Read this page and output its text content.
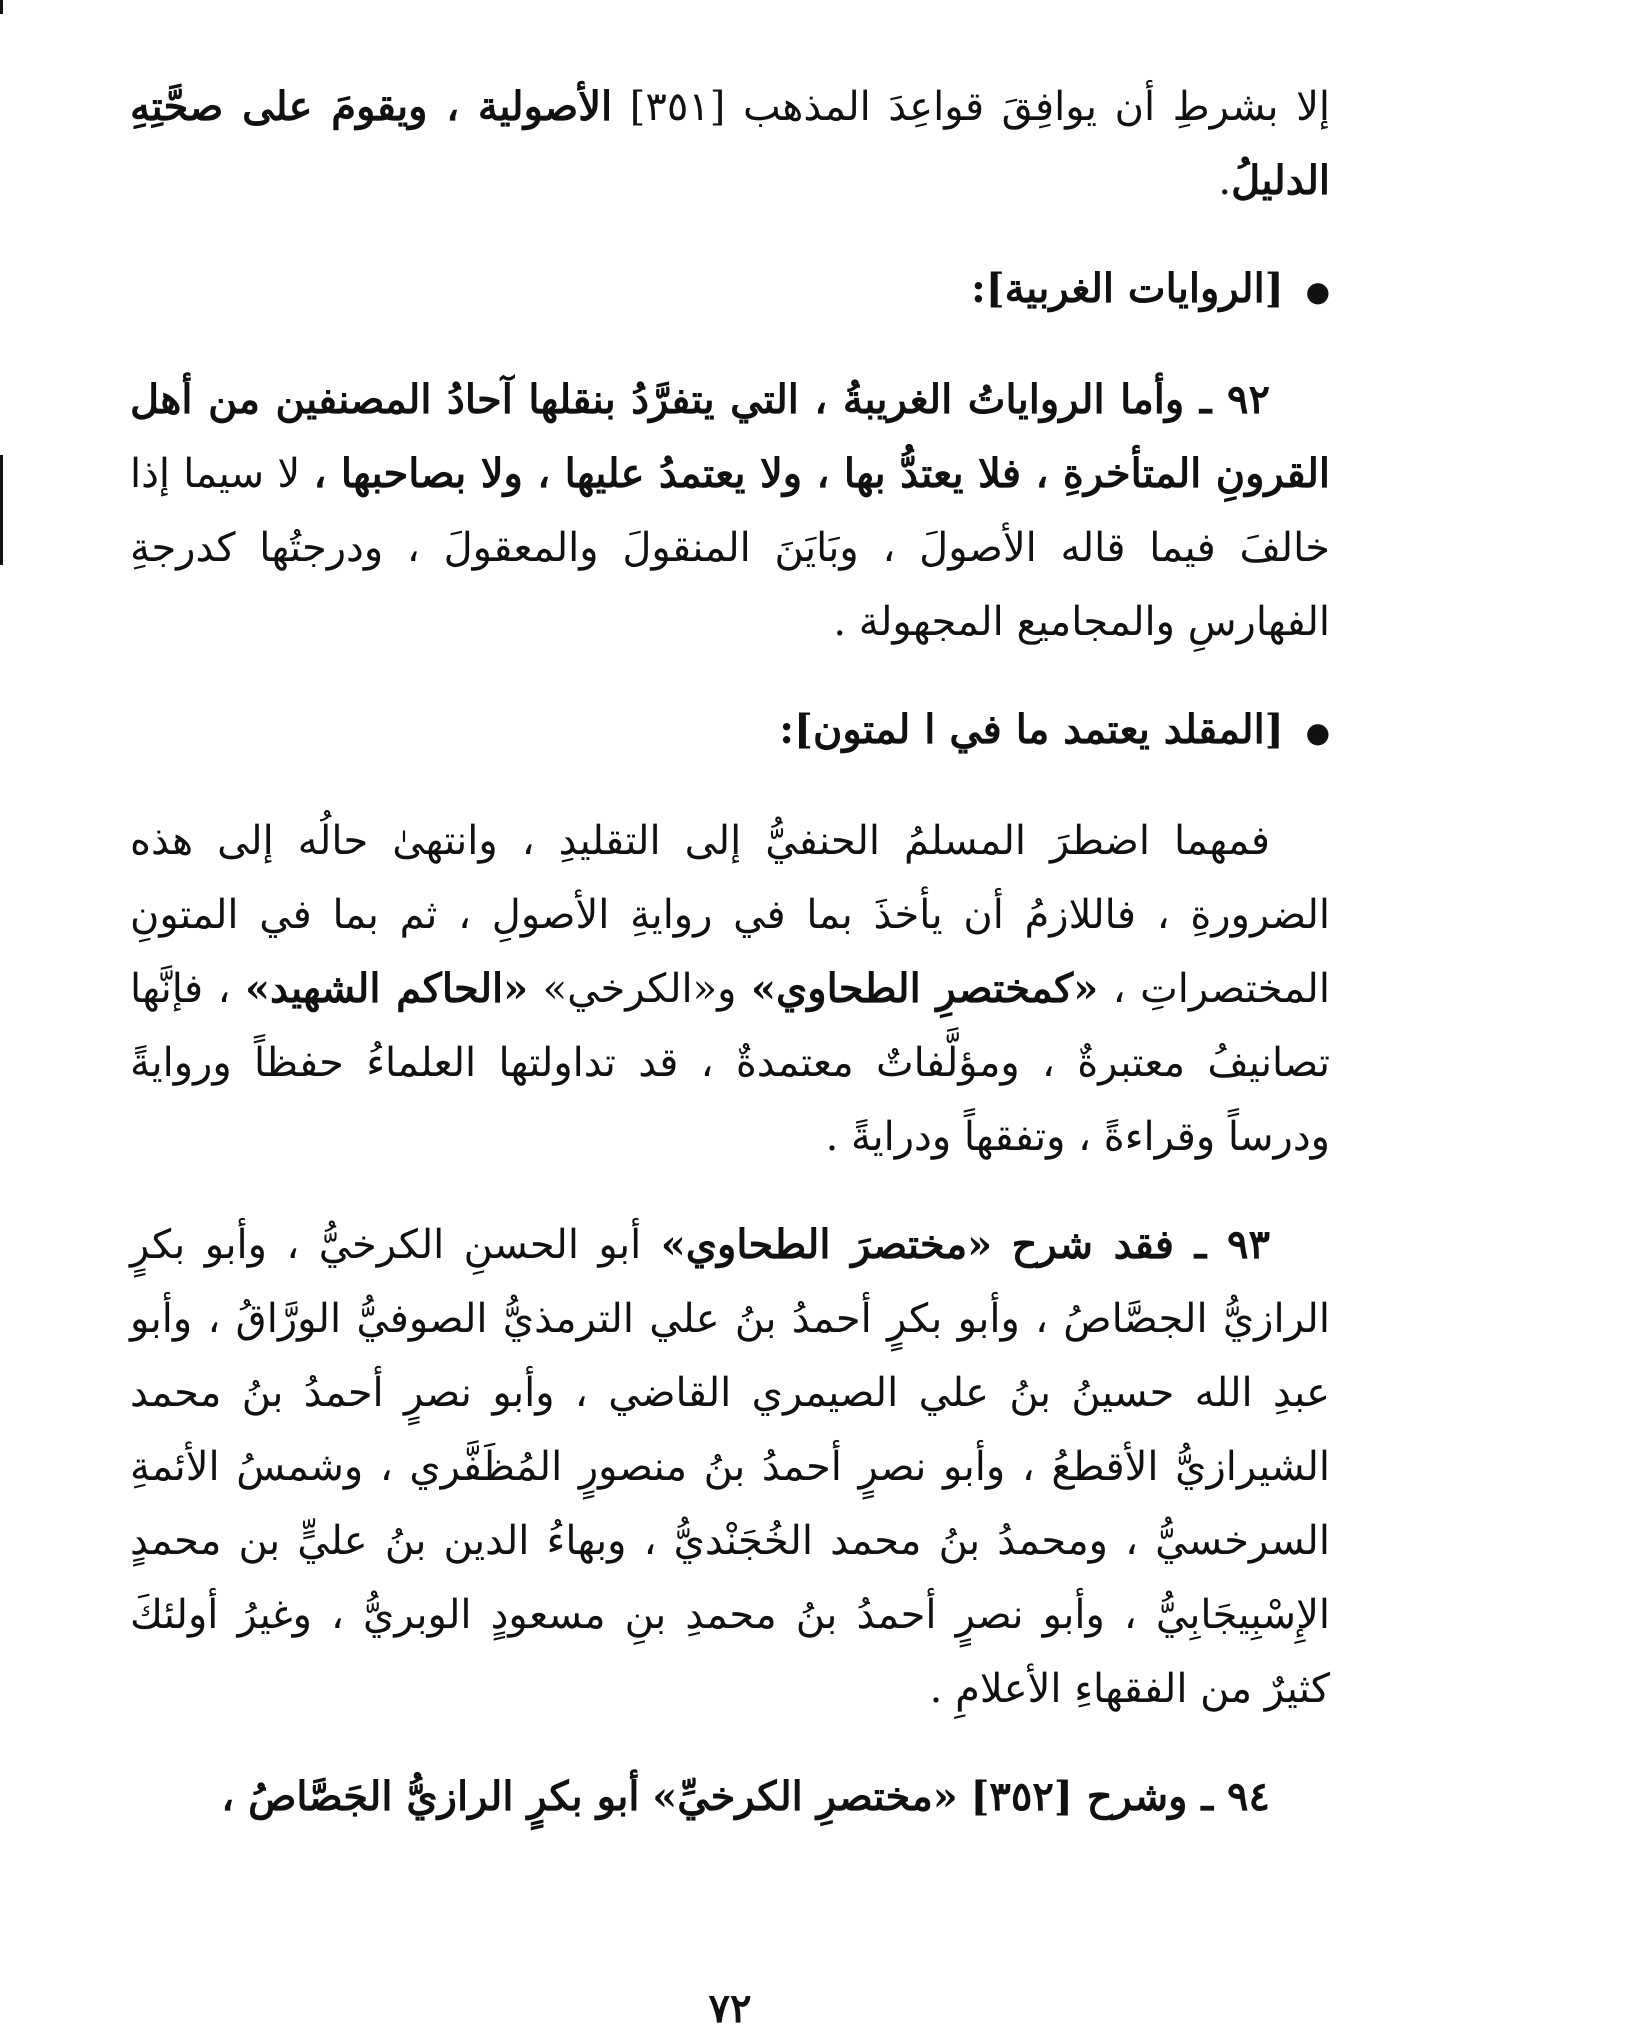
إلا بشرطِ أن يوافِقَ قواعِدَ المذهب [٣٥١] الأصولية ، ويقومَ على صحَّتِهِ الدليلُ.

● [الروايات الغربية]:

٩٢ ـ وأما الرواياتُ الغريبةُ ، التي يتفرَّدُ بنقلها آحادُ المصنفين من أهل القرونِ المتأخرةِ ، فلا يعتدُّ بها ، ولا يعتمدُ عليها ، ولا بصاحبها ، لا سيما إذا خالفَ فيما قاله الأصولَ ، وبَايَنَ المنقولَ والمعقولَ ، ودرجتُها كدرجةِ الفهارسِ والمجاميع المجهولة .

● [المقلد يعتمد ما في ا لمتون]:

فمهما اضطرَ المسلمُ الحنفيُّ إلى التقليدِ ، وانتهىٰ حالُه إلى هذه الضرورةِ ، فاللازمُ أن يأخذَ بما في روايةِ الأصولِ ، ثم بما في المتونِ المختصراتِ ، «كمختصرِ الطحاوي» و«الكرخي» «الحاكم الشهيد» ، فإنَّها تصانيفُ معتبرةٌ ، ومؤلَّفاتٌ معتمدةٌ ، قد تداولتها العلماءُ حفظاً وروايةً ودرساً وقراءةً ، وتفقهاً ودرايةً .

٩٣ ـ فقد شرح «مختصرَ الطحاوي» أبو الحسنِ الكرخيُّ ، وأبو بكرٍ الرازيُّ الجصَّاصُ ، وأبو بكرٍ أحمدُ بنُ علي الترمذيُّ الصوفيُّ الورَّاقُ ، وأبو عبدِ الله حسينُ بنُ علي الصيمري القاضي ، وأبو نصرٍ أحمدُ بنُ محمد الشيرازيُّ الأقطعُ ، وأبو نصرٍ أحمدُ بنُ منصورٍ المُظَفَّري ، وشمسُ الأئمةِ السرخسيُّ ، ومحمدُ بنُ محمد الخُجَنْديُّ ، وبهاءُ الدين بنُ عليٍّ بن محمدٍ الإِسْبِيجَابِيُّ ، وأبو نصرٍ أحمدُ بنُ محمدِ بنِ مسعودٍ الوبريُّ ، وغيرُ أولئكَ كثيرٌ من الفقهاءِ الأعلامِ .

٩٤ ـ وشرح [٣٥٢] «مختصرِ الكرخيِّ» أبو بكرٍ الرازيُّ الجَصَّاصُ ،

٧٢
